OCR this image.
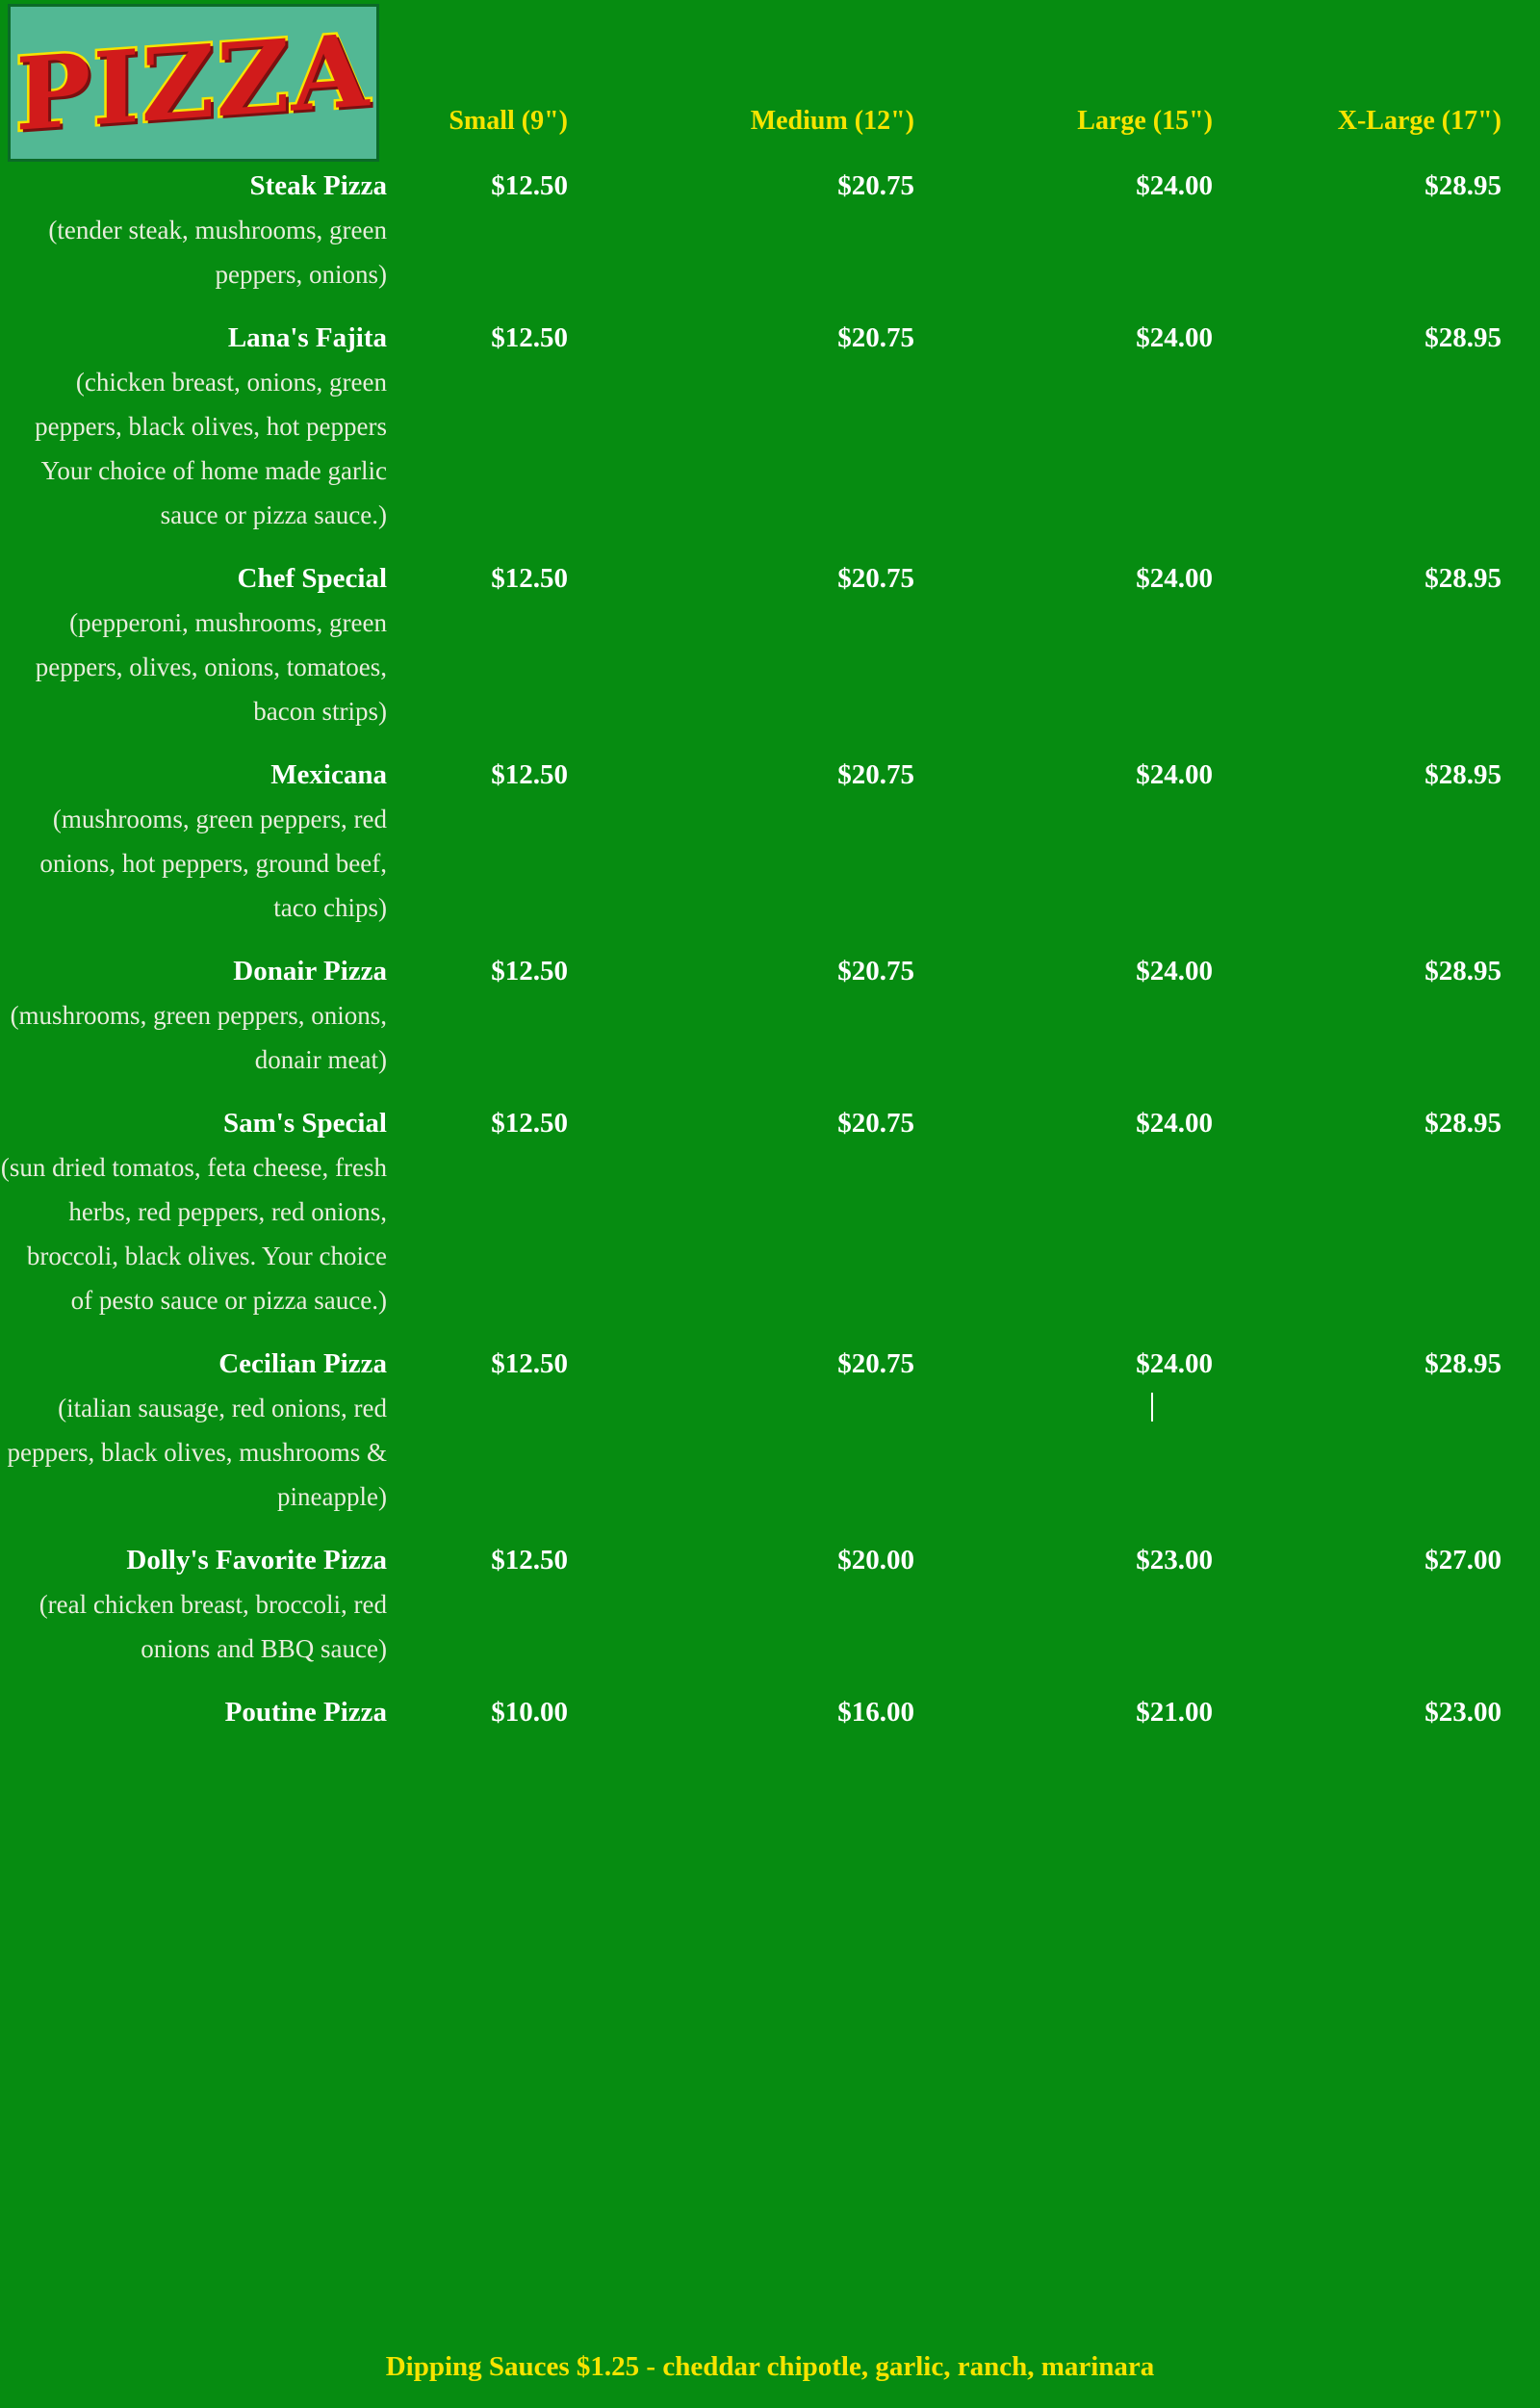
PIZZA	Small (9")	Medium (12")	Large (15")	X-Large (17")
Steak Pizza
(tender steak, mushrooms, green peppers, onions)
$12.50	$20.75	$24.00	$28.95
Lana's Fajita
(chicken breast, onions, green peppers, black olives, hot peppers Your choice of home made garlic sauce or pizza sauce.)
$12.50	$20.75	$24.00	$28.95
Chef Special
(pepperoni, mushrooms, green peppers, olives, onions, tomatoes, bacon strips)
$12.50	$20.75	$24.00	$28.95
Mexicana
(mushrooms, green peppers, red onions, hot peppers, ground beef, taco chips)
$12.50	$20.75	$24.00	$28.95
Donair Pizza
(mushrooms, green peppers, onions, donair meat)
$12.50	$20.75	$24.00	$28.95
Sam's Special
(sun dried tomatos, feta cheese, fresh herbs, red peppers, red onions, broccoli, black olives. Your choice of pesto sauce or pizza sauce.)
$12.50	$20.75	$24.00	$28.95
Cecilian Pizza
(italian sausage, red onions, red peppers, black olives, mushrooms & pineapple)
$12.50	$20.75	$24.00	$28.95
Dolly's Favorite Pizza
(real chicken breast, broccoli, red onions and BBQ sauce)
$12.50	$20.00	$23.00	$27.00
Poutine Pizza	$10.00	$16.00	$21.00	$23.00
Dipping Sauces $1.25 - cheddar chipotle, garlic, ranch, marinara
